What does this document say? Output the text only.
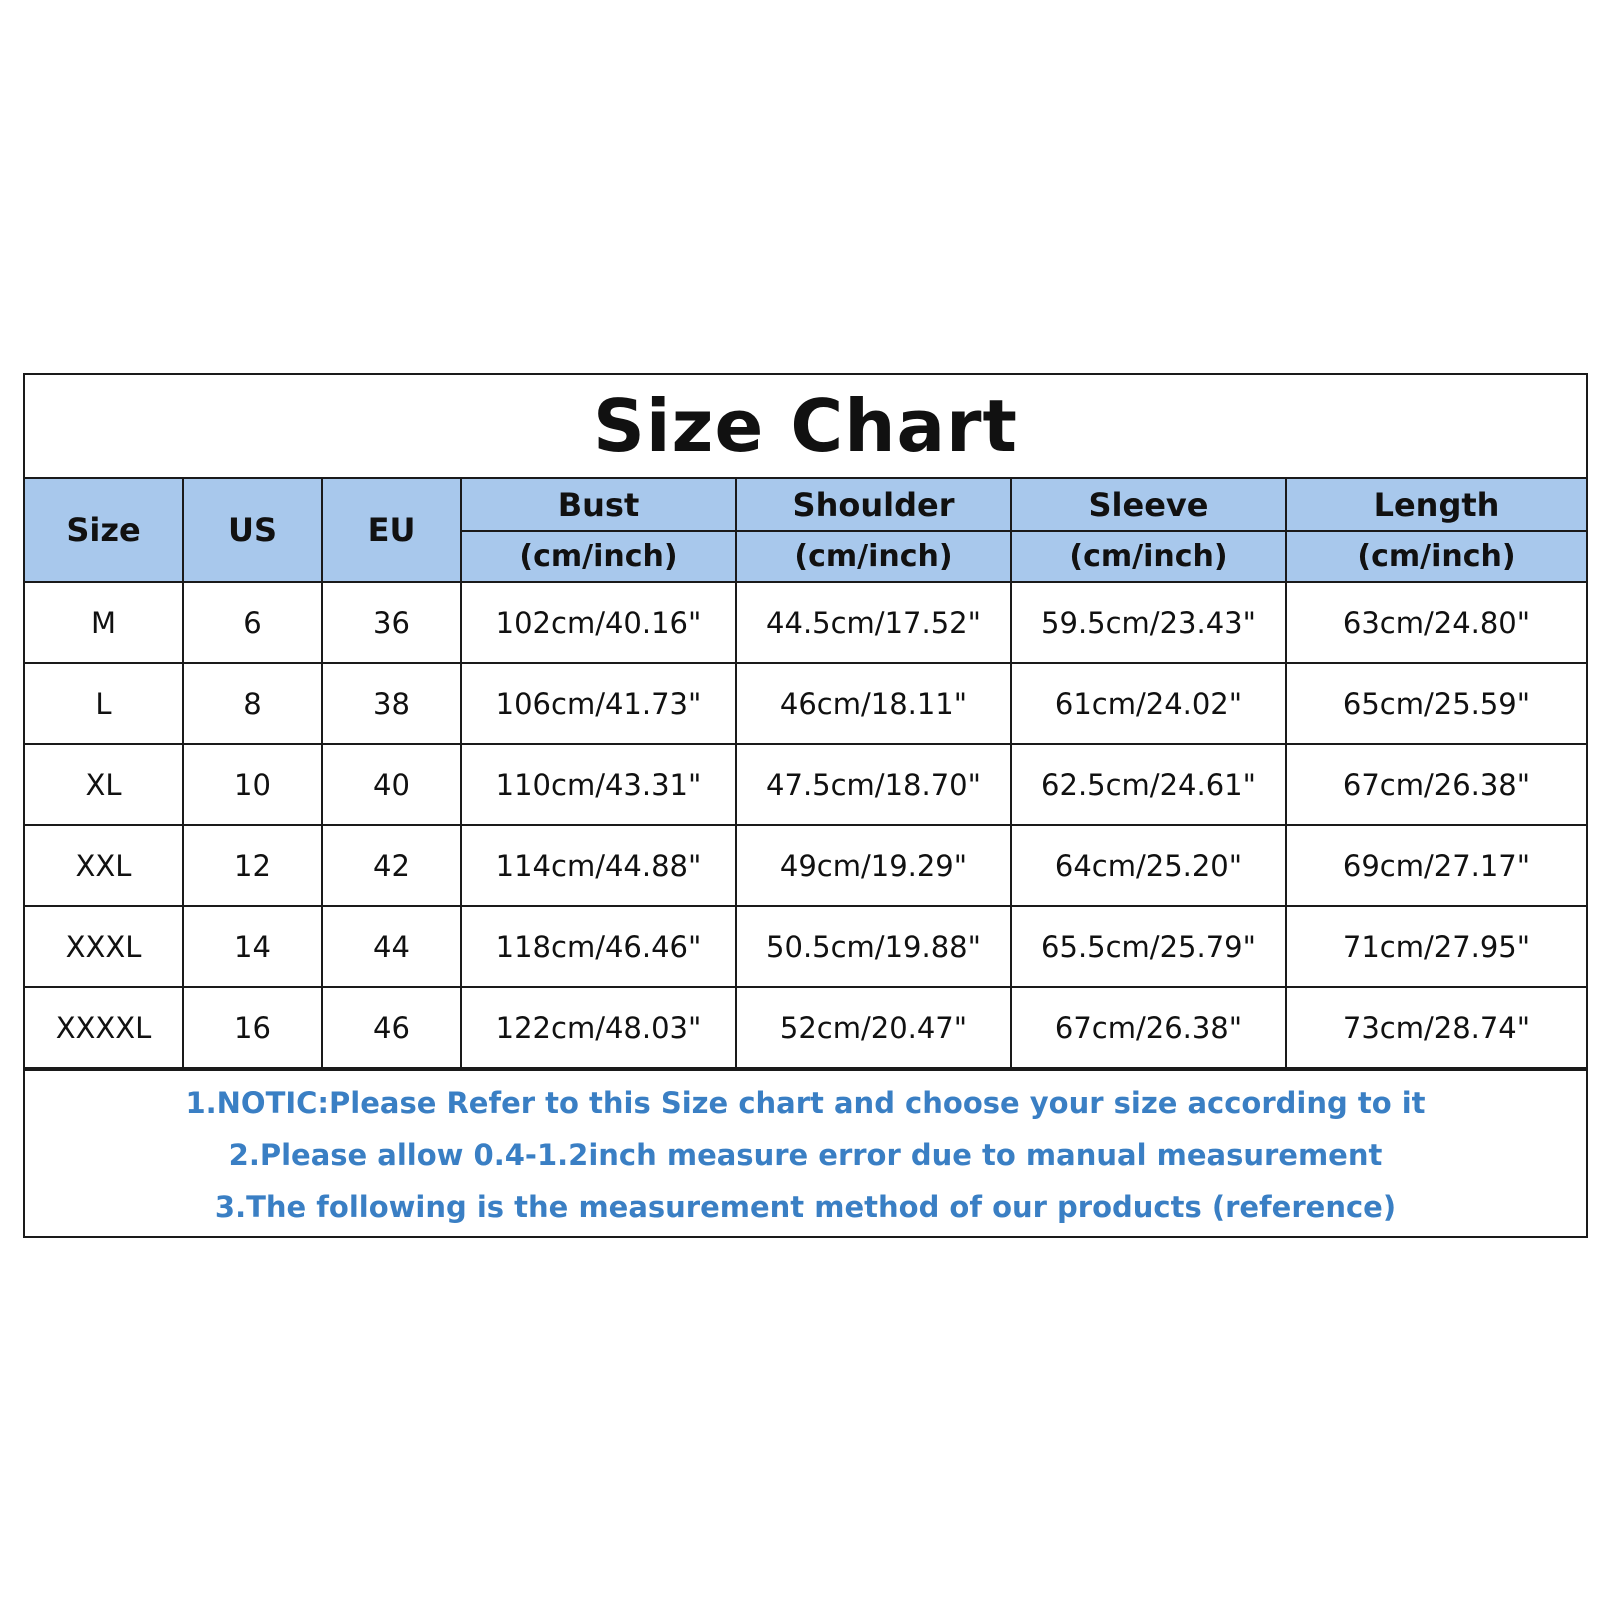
Size Chart
Size	US	EU	Bust	Shoulder	Sleeve	Length
			(cm/inch)	(cm/inch)	(cm/inch)	(cm/inch)
M	6	36	102cm/40.16"	44.5cm/17.52"	59.5cm/23.43"	63cm/24.80"
L	8	38	106cm/41.73"	46cm/18.11"	61cm/24.02"	65cm/25.59"
XL	10	40	110cm/43.31"	47.5cm/18.70"	62.5cm/24.61"	67cm/26.38"
XXL	12	42	114cm/44.88"	49cm/19.29"	64cm/25.20"	69cm/27.17"
XXXL	14	44	118cm/46.46"	50.5cm/19.88"	65.5cm/25.79"	71cm/27.95"
XXXXL	16	46	122cm/48.03"	52cm/20.47"	67cm/26.38"	73cm/28.74"
1.NOTIC:Please Refer to this Size chart and choose your size according to it
2.Please allow 0.4-1.2inch measure error due to manual measurement
3.The following is the measurement method of our products (reference)
